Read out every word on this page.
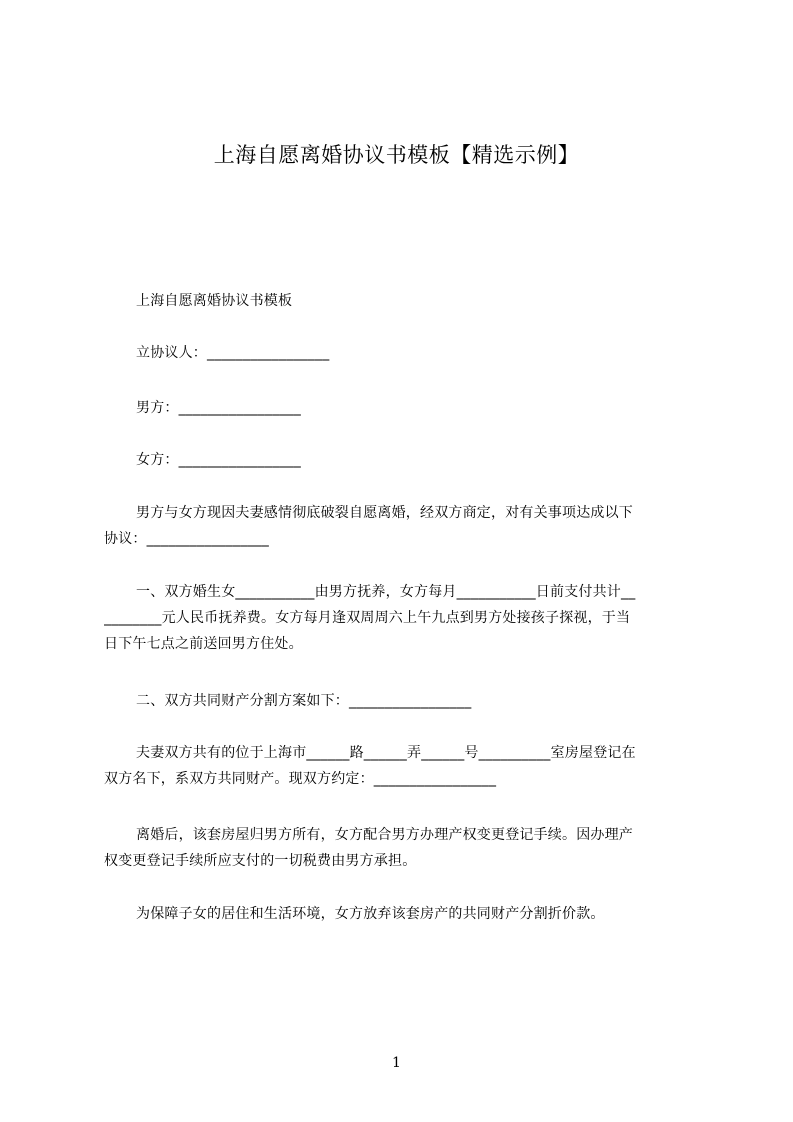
上海自愿离婚协议书模板【精选示例】
上海自愿离婚协议书模板
立协议人：_________________
男方：_________________
女方：_________________
男方与女方现因夫妻感情彻底破裂自愿离婚，经双方商定，对有关事项达成以下
协议：_________________
一、双方婚生女___________由男方抚养，女方每月___________日前支付共计__
________元人民币抚养费。女方每月逢双周周六上午九点到男方处接孩子探视，于当
日下午七点之前送回男方住处。
二、双方共同财产分割方案如下：_________________
夫妻双方共有的位于上海市______路______弄______号__________室房屋登记在
双方名下，系双方共同财产。现双方约定：_________________
离婚后，该套房屋归男方所有，女方配合男方办理产权变更登记手续。因办理产
权变更登记手续所应支付的一切税费由男方承担。
为保障子女的居住和生活环境，女方放弃该套房产的共同财产分割折价款。
1
